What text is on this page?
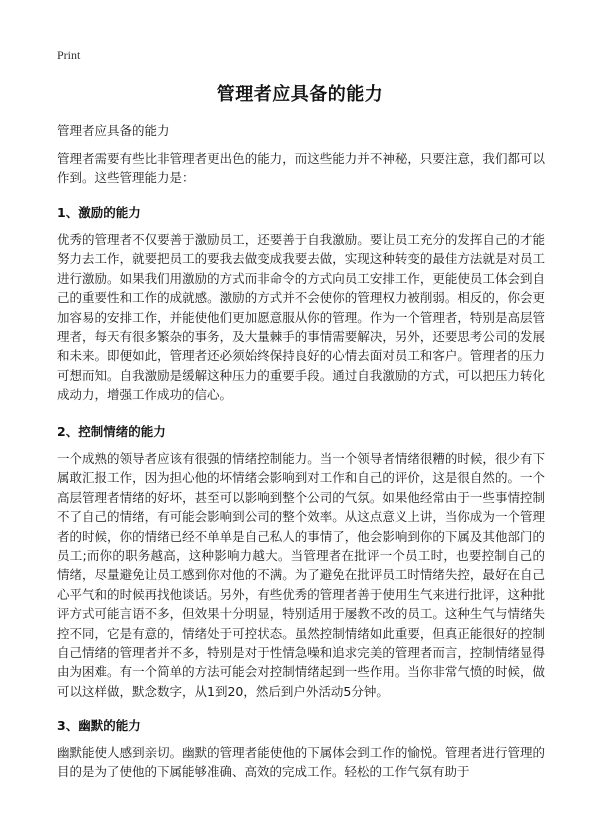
Print
管理者应具备的能力
管理者应具备的能力

管理者需要有些比非管理者更出色的能力，而这些能力并不神秘，只要注意，我们都可以作到。这些管理能力是：

1、激励的能力

优秀的管理者不仅要善于激励员工，还要善于自我激励。要让员工充分的发挥自己的才能努力去工作，就要把员工的要我去做变成我要去做，实现这种转变的最佳方法就是对员工进行激励。如果我们用激励的方式而非命令的方式向员工安排工作，更能使员工体会到自己的重要性和工作的成就感。激励的方式并不会使你的管理权力被削弱。相反的，你会更加容易的安排工作，并能使他们更加愿意服从你的管理。作为一个管理者，特别是高层管理者，每天有很多繁杂的事务，及大量棘手的事情需要解决，另外，还要思考公司的发展和未来。即便如此，管理者还必须始终保持良好的心情去面对员工和客户。管理者的压力可想而知。自我激励是缓解这种压力的重要手段。通过自我激励的方式，可以把压力转化成动力，增强工作成功的信心。

2、控制情绪的能力

一个成熟的领导者应该有很强的情绪控制能力。当一个领导者情绪很糟的时候，很少有下属敢汇报工作，因为担心他的坏情绪会影响到对工作和自己的评价，这是很自然的。一个高层管理者情绪的好坏，甚至可以影响到整个公司的气氛。如果他经常由于一些事情控制不了自己的情绪，有可能会影响到公司的整个效率。从这点意义上讲，当你成为一个管理者的时候，你的情绪已经不单单是自己私人的事情了，他会影响到你的下属及其他部门的员工;而你的职务越高，这种影响力越大。当管理者在批评一个员工时，也要控制自己的情绪，尽量避免让员工感到你对他的不满。为了避免在批评员工时情绪失控，最好在自己心平气和的时候再找他谈话。另外，有些优秀的管理者善于使用生气来进行批评，这种批评方式可能言语不多，但效果十分明显，特别适用于屡教不改的员工。这种生气与情绪失控不同，它是有意的，情绪处于可控状态。虽然控制情绪如此重要，但真正能很好的控制自己情绪的管理者并不多，特别是对于性情急噪和追求完美的管理者而言，控制情绪显得由为困难。有一个简单的方法可能会对控制情绪起到一些作用。当你非常气愤的时候，做可以这样做，默念数字，从1到20，然后到户外活动5分钟。

3、幽默的能力

幽默能使人感到亲切。幽默的管理者能使他的下属体会到工作的愉悦。管理者进行管理的目的是为了使他的下属能够准确、高效的完成工作。轻松的工作气氛有助于
